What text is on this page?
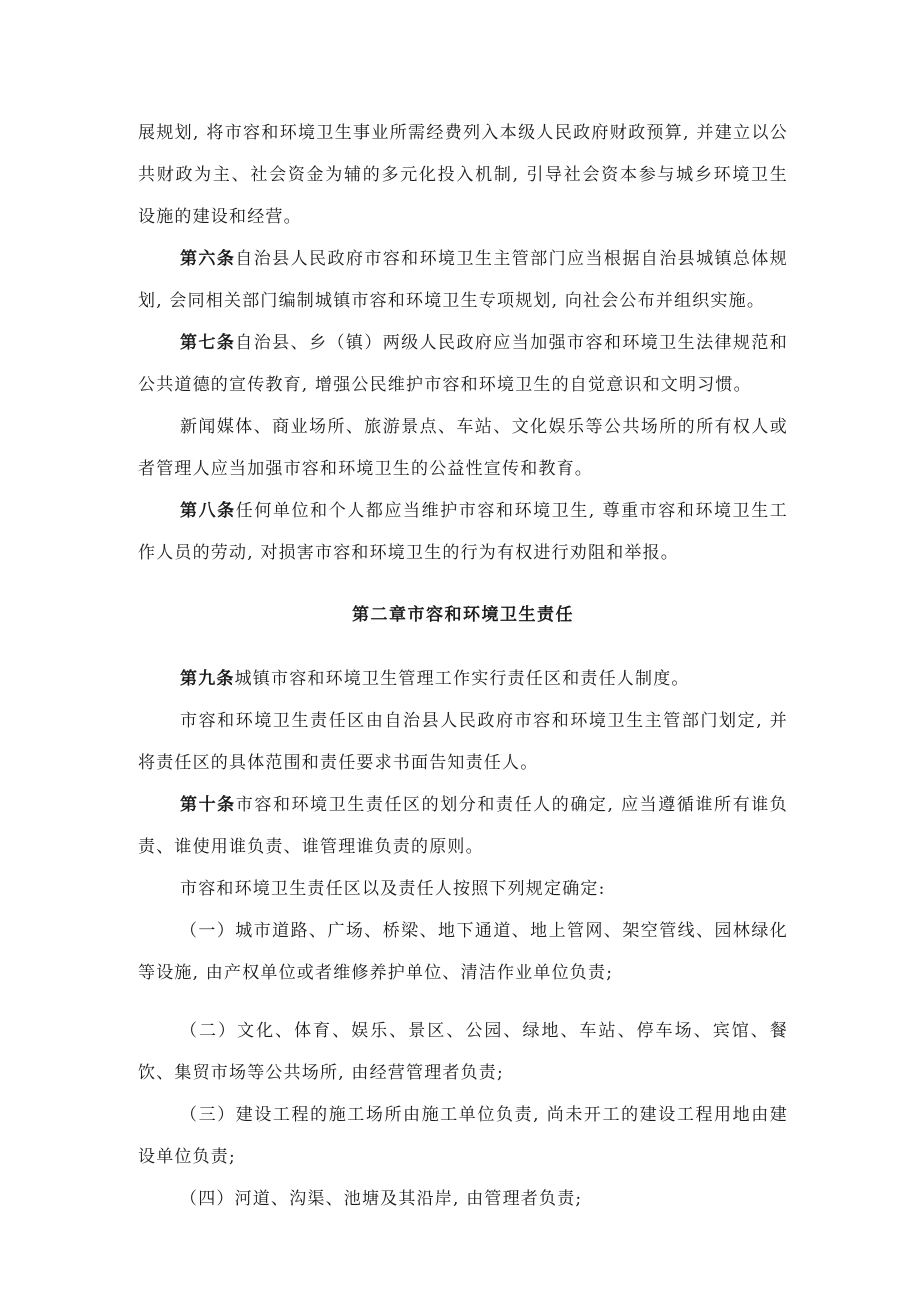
展规划, 将市容和环境卫生事业所需经费列入本级人民政府财政预算, 并建立以公共财政为主、社会资金为辅的多元化投入机制, 引导社会资本参与城乡环境卫生设施的建设和经营。

第六条自治县人民政府市容和环境卫生主管部门应当根据自治县城镇总体规划, 会同相关部门编制城镇市容和环境卫生专项规划, 向社会公布并组织实施。

第七条自治县、乡（镇）两级人民政府应当加强市容和环境卫生法律规范和公共道德的宣传教育, 增强公民维护市容和环境卫生的自觉意识和文明习惯。

新闻媒体、商业场所、旅游景点、车站、文化娱乐等公共场所的所有权人或者管理人应当加强市容和环境卫生的公益性宣传和教育。

第八条任何单位和个人都应当维护市容和环境卫生, 尊重市容和环境卫生工作人员的劳动, 对损害市容和环境卫生的行为有权进行劝阻和举报。

第二章市容和环境卫生责任

第九条城镇市容和环境卫生管理工作实行责任区和责任人制度。

市容和环境卫生责任区由自治县人民政府市容和环境卫生主管部门划定, 并将责任区的具体范围和责任要求书面告知责任人。

第十条市容和环境卫生责任区的划分和责任人的确定, 应当遵循谁所有谁负责、谁使用谁负责、谁管理谁负责的原则。

市容和环境卫生责任区以及责任人按照下列规定确定:

（一）城市道路、广场、桥梁、地下通道、地上管网、架空管线、园林绿化等设施, 由产权单位或者维修养护单位、清洁作业单位负责;

（二）文化、体育、娱乐、景区、公园、绿地、车站、停车场、宾馆、餐饮、集贸市场等公共场所, 由经营管理者负责;

（三）建设工程的施工场所由施工单位负责, 尚未开工的建设工程用地由建设单位负责;

（四）河道、沟渠、池塘及其沿岸, 由管理者负责;
